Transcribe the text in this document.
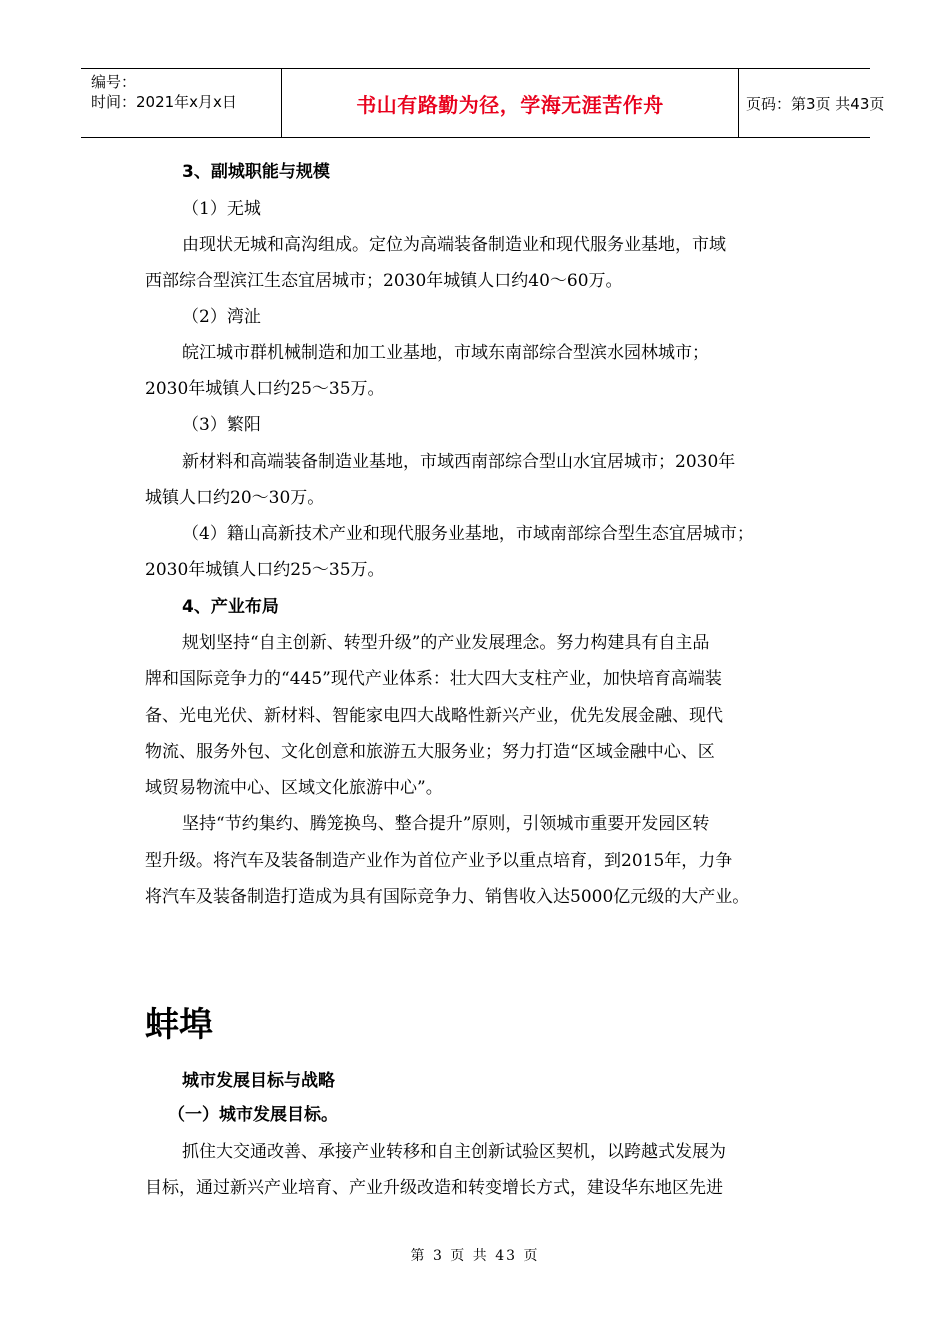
编号：
时间：2021年x月x日	书山有路勤为径，学海无涯苦作舟	页码：第3页 共43页
3、副城职能与规模
（1）无城
由现状无城和高沟组成。定位为高端装备制造业和现代服务业基地，市域
西部综合型滨江生态宜居城市；2030年城镇人口约40～60万。
（2）湾沚
皖江城市群机械制造和加工业基地，市域东南部综合型滨水园林城市；
2030年城镇人口约25～35万。
（3）繁阳
新材料和高端装备制造业基地，市域西南部综合型山水宜居城市；2030年
城镇人口约20～30万。
（4）籍山高新技术产业和现代服务业基地，市域南部综合型生态宜居城市；
2030年城镇人口约25～35万。
4、产业布局
规划坚持“自主创新、转型升级”的产业发展理念。努力构建具有自主品
牌和国际竞争力的“445”现代产业体系：壮大四大支柱产业，加快培育高端装
备、光电光伏、新材料、智能家电四大战略性新兴产业，优先发展金融、现代
物流、服务外包、文化创意和旅游五大服务业；努力打造“区域金融中心、区
域贸易物流中心、区域文化旅游中心”。
坚持“节约集约、腾笼换鸟、整合提升”原则，引领城市重要开发园区转
型升级。将汽车及装备制造产业作为首位产业予以重点培育，到2015年，力争
将汽车及装备制造打造成为具有国际竞争力、销售收入达5000亿元级的大产业。
蚌埠
城市发展目标与战略
（一）城市发展目标。
抓住大交通改善、承接产业转移和自主创新试验区契机，以跨越式发展为
目标，通过新兴产业培育、产业升级改造和转变增长方式，建设华东地区先进
第 3 页 共 43 页
